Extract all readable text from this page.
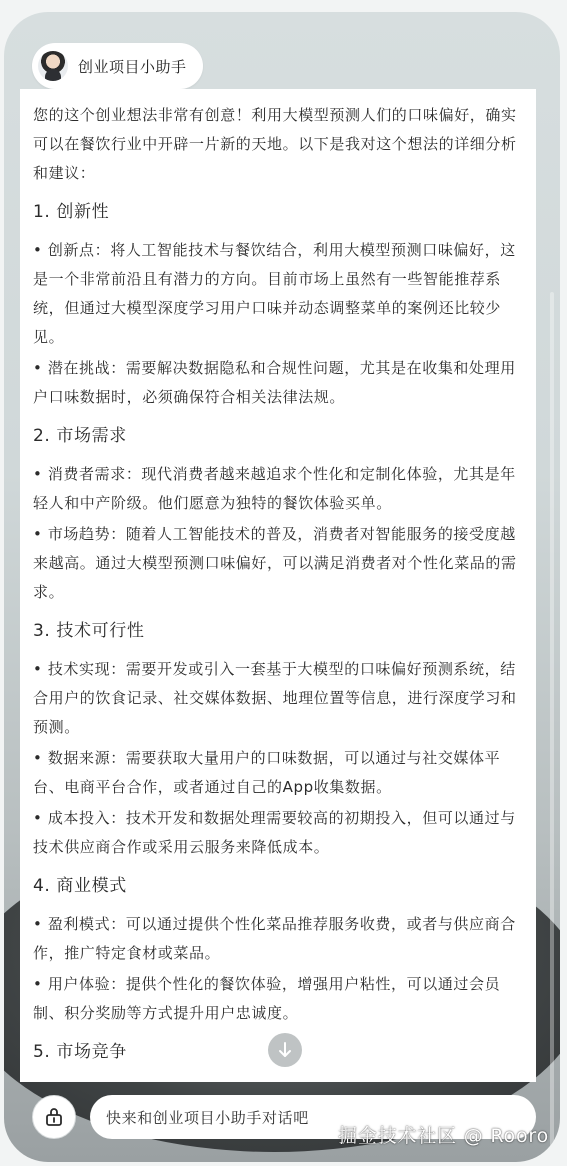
创业项目小助手

您的这个创业想法非常有创意！利用大模型预测人们的口味偏好，确实可以在餐饮行业中开辟一片新的天地。以下是我对这个想法的详细分析和建议：

1. 创新性

• 创新点：将人工智能技术与餐饮结合，利用大模型预测口味偏好，这是一个非常前沿且有潜力的方向。目前市场上虽然有一些智能推荐系统，但通过大模型深度学习用户口味并动态调整菜单的案例还比较少见。

• 潜在挑战：需要解决数据隐私和合规性问题，尤其是在收集和处理用户口味数据时，必须确保符合相关法律法规。

2. 市场需求

• 消费者需求：现代消费者越来越追求个性化和定制化体验，尤其是年轻人和中产阶级。他们愿意为独特的餐饮体验买单。

• 市场趋势：随着人工智能技术的普及，消费者对智能服务的接受度越来越高。通过大模型预测口味偏好，可以满足消费者对个性化菜品的需求。

3. 技术可行性

• 技术实现：需要开发或引入一套基于大模型的口味偏好预测系统，结合用户的饮食记录、社交媒体数据、地理位置等信息，进行深度学习和预测。

• 数据来源：需要获取大量用户的口味数据，可以通过与社交媒体平台、电商平台合作，或者通过自己的App收集数据。

• 成本投入：技术开发和数据处理需要较高的初期投入，但可以通过与技术供应商合作或采用云服务来降低成本。

4. 商业模式

• 盈利模式：可以通过提供个性化菜品推荐服务收费，或者与供应商合作，推广特定食材或菜品。

• 用户体验：提供个性化的餐饮体验，增强用户粘性，可以通过会员制、积分奖励等方式提升用户忠诚度。

5. 市场竞争

快来和创业项目小助手对话吧
掘金技术社区 @ Rooro
